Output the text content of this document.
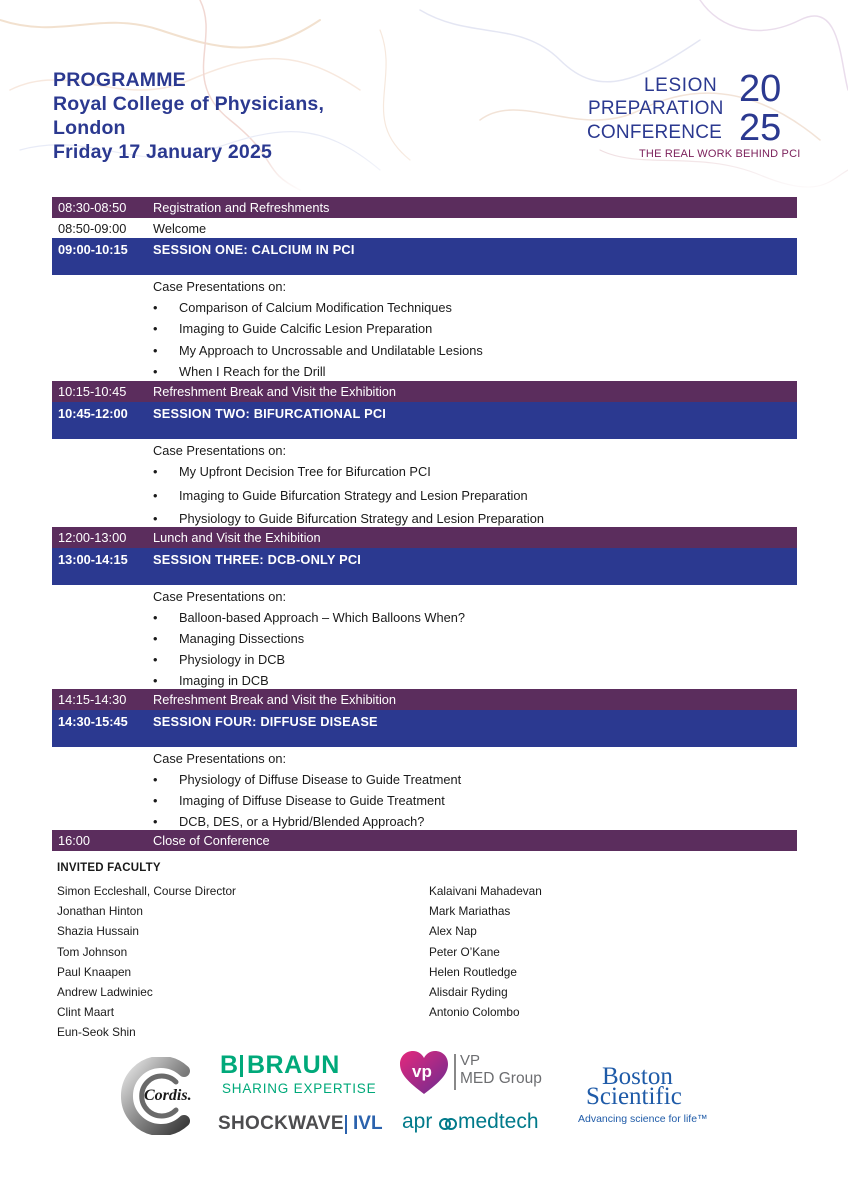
PROGRAMME
Royal College of Physicians,
London
Friday 17 January 2025
LESION
PREPARATION
CONFERENCE
20
25
THE REAL WORK BEHIND PCI
08:30-08:50 Registration and Refreshments
08:50-09:00 Welcome
09:00-10:15 SESSION ONE: CALCIUM IN PCI
Case Presentations on:
• Comparison of Calcium Modification Techniques
• Imaging to Guide Calcific Lesion Preparation
• My Approach to Uncrossable and Undilatable Lesions
• When I Reach for the Drill
10:15-10:45 Refreshment Break and Visit the Exhibition
10:45-12:00 SESSION TWO: BIFURCATIONAL PCI
Case Presentations on:
• My Upfront Decision Tree for Bifurcation PCI
• Imaging to Guide Bifurcation Strategy and Lesion Preparation
• Physiology to Guide Bifurcation Strategy and Lesion Preparation
12:00-13:00 Lunch and Visit the Exhibition
13:00-14:15 SESSION THREE: DCB-ONLY PCI
Case Presentations on:
• Balloon-based Approach – Which Balloons When?
• Managing Dissections
• Physiology in DCB
• Imaging in DCB
14:15-14:30 Refreshment Break and Visit the Exhibition
14:30-15:45 SESSION FOUR: DIFFUSE DISEASE
Case Presentations on:
• Physiology of Diffuse Disease to Guide Treatment
• Imaging of Diffuse Disease to Guide Treatment
• DCB, DES, or a Hybrid/Blended Approach?
16:00	Close of Conference
INVITED FACULTY
Simon Eccleshall, Course Director
Jonathan Hinton
Shazia Hussain
Tom Johnson
Paul Knaapen
Andrew Ladwiniec
Clint Maart
Eun-Seok Shin
Kalaivani Mahadevan
Mark Mariathas
Alex Nap
Peter O’Kane
Helen Routledge
Alisdair Ryding
Antonio Colombo
Cordis.
B BRAUN
SHARING EXPERTISE
SHOCKWAVE IVL
vp
VP
MED Group
apr medtech
Boston
Scientific
Advancing science for life™
